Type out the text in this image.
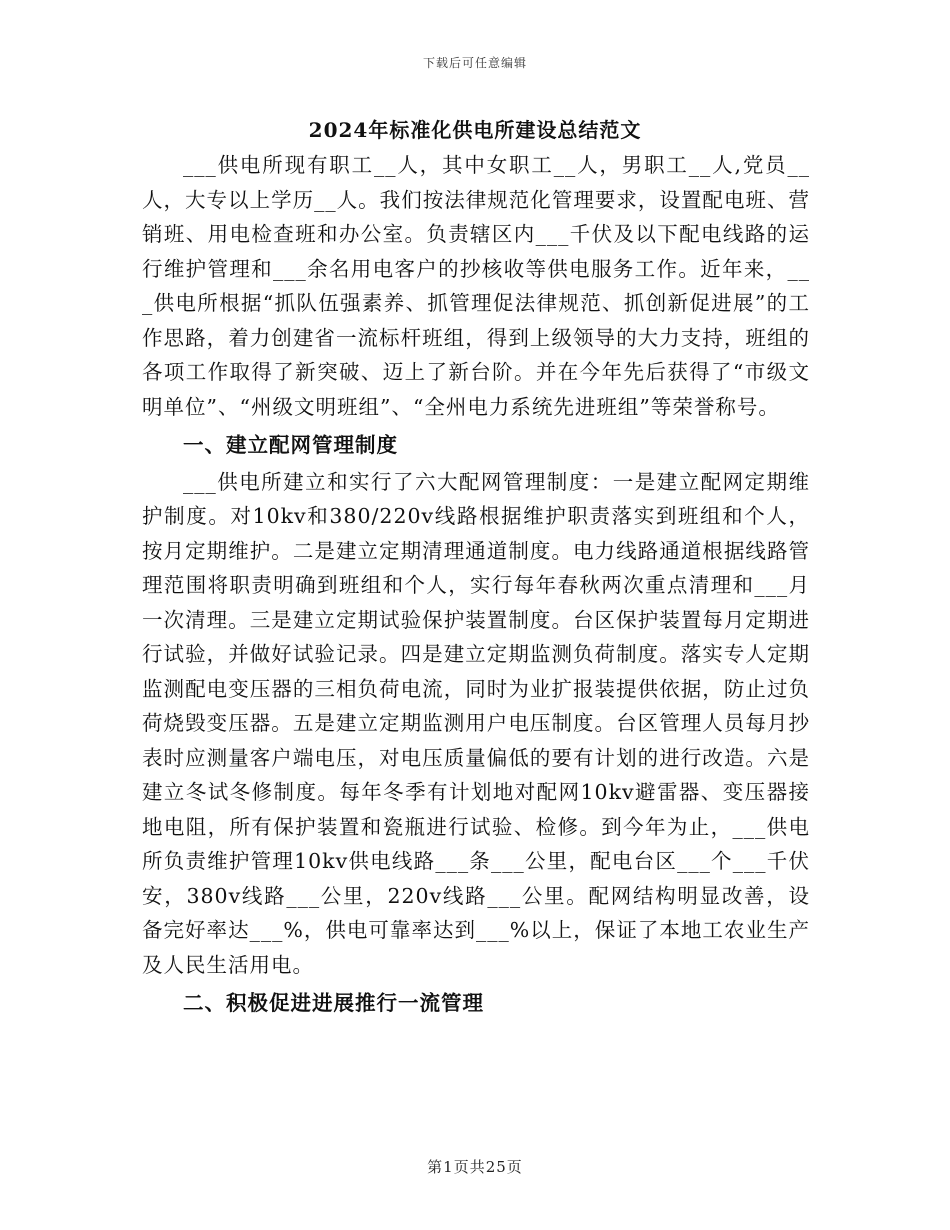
下载后可任意编辑
2024年标准化供电所建设总结范文

___供电所现有职工__人，其中女职工__人，男职工__人,党员__人，大专以上学历__人。我们按法律规范化管理要求，设置配电班、营销班、用电检查班和办公室。负责辖区内___千伏及以下配电线路的运行维护管理和___余名用电客户的抄核收等供电服务工作。近年来，___供电所根据“抓队伍强素养、抓管理促法律规范、抓创新促进展”的工作思路，着力创建省一流标杆班组，得到上级领导的大力支持，班组的各项工作取得了新突破、迈上了新台阶。并在今年先后获得了“市级文明单位”、“州级文明班组”、“全州电力系统先进班组”等荣誉称号。

一、建立配网管理制度

___供电所建立和实行了六大配网管理制度：一是建立配网定期维护制度。对10kv和380/220v线路根据维护职责落实到班组和个人，按月定期维护。二是建立定期清理通道制度。电力线路通道根据线路管理范围将职责明确到班组和个人，实行每年春秋两次重点清理和___月一次清理。三是建立定期试验保护装置制度。台区保护装置每月定期进行试验，并做好试验记录。四是建立定期监测负荷制度。落实专人定期监测配电变压器的三相负荷电流，同时为业扩报装提供依据，防止过负荷烧毁变压器。五是建立定期监测用户电压制度。台区管理人员每月抄表时应测量客户端电压，对电压质量偏低的要有计划的进行改造。六是建立冬试冬修制度。每年冬季有计划地对配网10kv避雷器、变压器接地电阻，所有保护装置和瓷瓶进行试验、检修。到今年为止，___供电所负责维护管理10kv供电线路___条___公里，配电台区___个___千伏安，380v线路___公里，220v线路___公里。配网结构明显改善，设备完好率达___%，供电可靠率达到___%以上，保证了本地工农业生产及人民生活用电。

二、积极促进进展推行一流管理

第1页共25页
